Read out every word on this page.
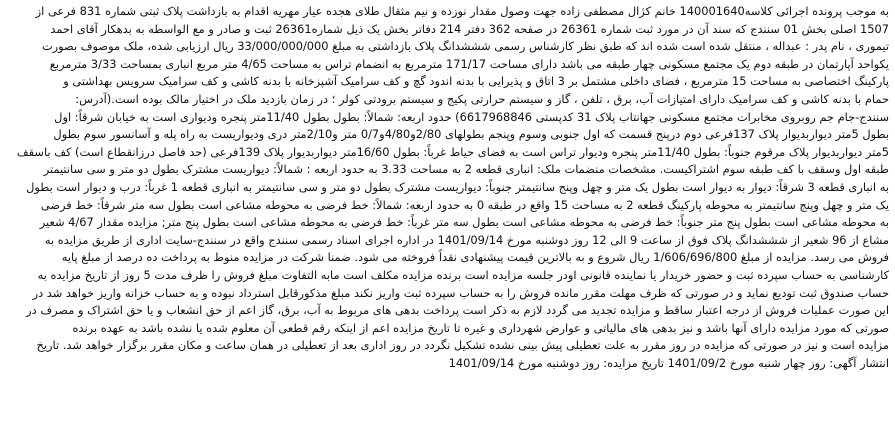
به موجب پرونده اجرائی کلاسه140001640 خانم کژال مصطفی زاده جهت وصول مقدار نوزده و نیم مثقال طلای هجده عیار مهریه اقدام به بازداشت پلاک ثبتی شماره 831 فرعی از
1507 اصلی بخش 01 سنندج که سند آن در مورد ثبت شماره 26361 در صفحه 362 دفتر 214 دفاتر بخش یک ذیل شماره26361 ثبت و صادر و مع الواسطه به بدهکار آقای احمد
تیموری ، نام پدر : عبداله ، منتقل شده است شده اند که طبق نظر کارشناس رسمی شششدانگ پلاک بازداشتی به مبلغ 33/000/000/000 ریال ارزیابی شده، ملک موصوف بصورت
یکواحد آپارتمان در طبقه دوم یک مجتمع مسکونی چهار طبقه می باشد دارای مساحت 171/17 مترمربع به انضمام تراس به مساحت 4/65 متر مربع انباری بمساحت 3/33 مترمربع
پارکینگ اختصاصی به مساحت 15 مترمربع ، فضای داخلی مشتمل بر 3 اتاق و پذیرایی با بدنه اندود گچ و کف سرامیک آشپزخانه با بدنه کاشی و کف سرامیک سرویس بهداشتی و
حمام با بدنه کاشی و کف سرامیک دارای امتیازات آب، برق ، تلفن ، گاز و سیستم حرارتی پکیج و سیستم برودتی کولر ؛ در زمان بازدید ملک در اختیار مالک بوده است.(آدرس:
سنندج-جام جم روبروی مخابرات مجتمع مسکونی جهانتاب پلاک 31 کدپستی 6617968846) حدود اربعه: شمالاً: بطول بطول 11/40متر پنجره ودیواری است به خیابان شرقاً: اول
بطول 5متر دیواربدیوار پلاک 137فرعی دوم درپنج قسمت که اول جنوبی وسوم وپنجم بطولهای 2/80و4/80و0/7 متر و2/10متر دری ودیواریست به راه پله و آسانسور سوم بطول
5متر دیواربدیوار پلاک مرقوم جنوباً: بطول 11/40متر پنجره ودیوار تراس است به فضای حیاط غرباً: بطول 16/60متر دیواربدیوار پلاک 139فرعی (حد فاصل درزانقطاع است) کف باسقف
طبقه اول وسقف با کف طبقه سوم اشتراکیست. مشخصات منضمات ملک: انباری قطعه 2 به مساحت 3.33 به حدود اربعه : شمالاً: دیواریست مشترک بطول دو متر و سی سانتیمتر
به انباری قطعه 3 شرقاً: دیوار به دیوار است بطول یک متر و چهل وپنج سانتیمتر جنوباً: دیواریست مشترک بطول دو متر و سی سانتیمتر به انباری قطعه 1 غرباً: درب و دیوار است بطول
یک متر و چهل وپنج سانتیمتر به محوطه پارکینگ قطعه 2 به مساحت 15 واقع در طبقه 0 به حدود اربعه: شمالاً: خط فرضی به محوطه مشاعی است بطول سه متر شرقاً: خط فرضی
به محوطه مشاعی است بطول پنج متر جنوباً: خط فرضی به محوطه مشاعی است بطول سه متر غرباً: خط فرضی به محوطه مشاعی است بطول پنج متر; مزایده مقدار 4/67 شعیر
مشاع از 96 شعیر از شششدانگ پلاک فوق از ساعت 9 الی 12 روز دوشنبه مورخ 1401/09/14 در اداره اجرای اسناد رسمی سنندج واقع در سنندج-سایت اداری از طریق مزایده به
فروش می رسد. مزایده از مبلغ 1/606/696/800 ریال شروع و به بالاترین قیمت پیشنهادی نقداً فروخته می شود. ضمنا شرکت در مزایده منوط به پرداخت ده درصد از مبلغ پایه
کارشناسی به حساب سپرده ثبت و حضور خریدار یا نماینده قانونی اودر جلسه مزایده است برنده مزایده مکلف است مابه التفاوت مبلغ فروش را ظرف مدت 5 روز از تاریخ مزایده به
حساب صندوق ثبت تودیع نماید و در صورتی که ظرف مهلت مقرر مانده فروش را به حساب سپرده ثبت واریز نکند مبلغ مذکورقابل استرداد نبوده و به حساب خزانه واریز خواهد شد در
این صورت عملیات فروش از درجه اعتبار ساقط و مزایده تجدید می گردد لازم به ذکر است پرداخت بدهی های مربوط به آب، برق، گاز اعم از حق انشعاب و یا حق اشتراک و مصرف در
صورتی که مورد مزایده دارای آنها باشد و نیز بدهی های مالیاتی و عوارض شهرداری و غیره تا تاریخ مزایده اعم از اینکه رقم قطعی آن معلوم شده یا نشده باشد به عهده برنده
مزایده است و نیز در صورتی که مزایده در روز مقرر به علت تعطیلی پیش بینی نشده تشکیل نگردد در روز اداری بعد از تعطیلی در همان ساعت و مکان مقرر برگزار خواهد شد. تاریخ
انتشار آگهی: روز چهار شنبه مورخ 1401/09/2 تاریخ مزایده: روز دوشنبه مورخ 1401/09/14
